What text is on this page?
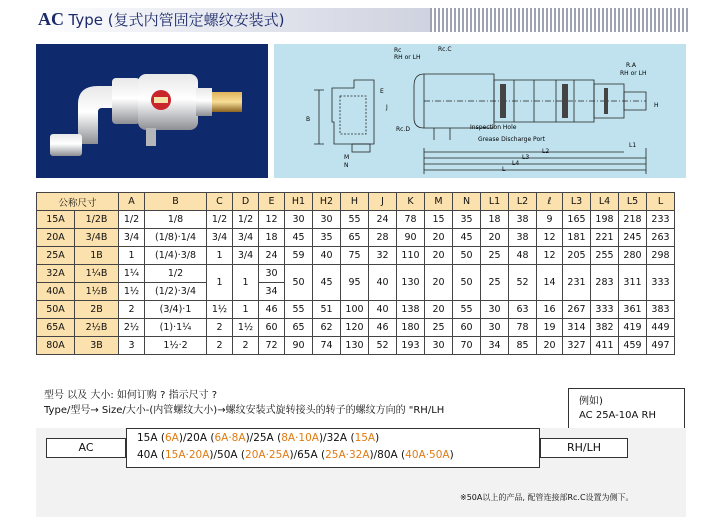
AC Type (复式内管固定螺纹安装式)
Rc
RH or LH
Rc.C
R.A
RH or LH
Rc.D
M
N
B
E
J
Inspection Hole
Grease Discharge Port
L1
L2
L3
L4
L
H
公称尺寸		A	B	C	D	E	H1	H2	H	J	K	M	N	L1	L2	ℓ	L3	L4	L5	L
15A	1/2B	1/2	1/8	1/2	1/2	12	30	30	55	24	78	15	35	18	38	9	165	198	218	233
20A	3/4B	3/4	(1/8)·1/4	3/4	3/4	18	45	35	65	28	90	20	45	20	38	12	181	221	245	263
25A	1B	1	(1/4)·3/8	1	3/4	24	59	40	75	32	110	20	50	25	48	12	205	255	280	298
32A	1¼B	1¼	1/2	1	1	30	50	45	95	40	130	20	50	25	52	14	231	283	311	333
40A	1½B	1½	(1/2)·3/4			34														
50A	2B	2	(3/4)·1	1½	1	46	55	51	100	40	138	20	55	30	63	16	267	333	361	383
65A	2½B	2½	(1)·1¼	2	1½	60	65	62	120	46	180	25	60	30	78	19	314	382	419	449
80A	3B	3	1½·2	2	2	72	90	74	130	52	193	30	70	34	85	20	327	411	459	497
型号 以及 大小: 如何订购 ? 指示尺寸 ?
Type/型号→ Size/大小-(内管螺纹大小)→螺纹安装式旋转接头的转子的螺纹方向的 "RH/LH
例如)
AC 25A-10A RH
AC
15A (6A)/20A (6A·8A)/25A (8A·10A)/32A (15A)
40A (15A·20A)/50A (20A·25A)/65A (25A·32A)/80A (40A·50A)
RH/LH
※50A以上的产品, 配管连接部Rc.C设置为侧下。
